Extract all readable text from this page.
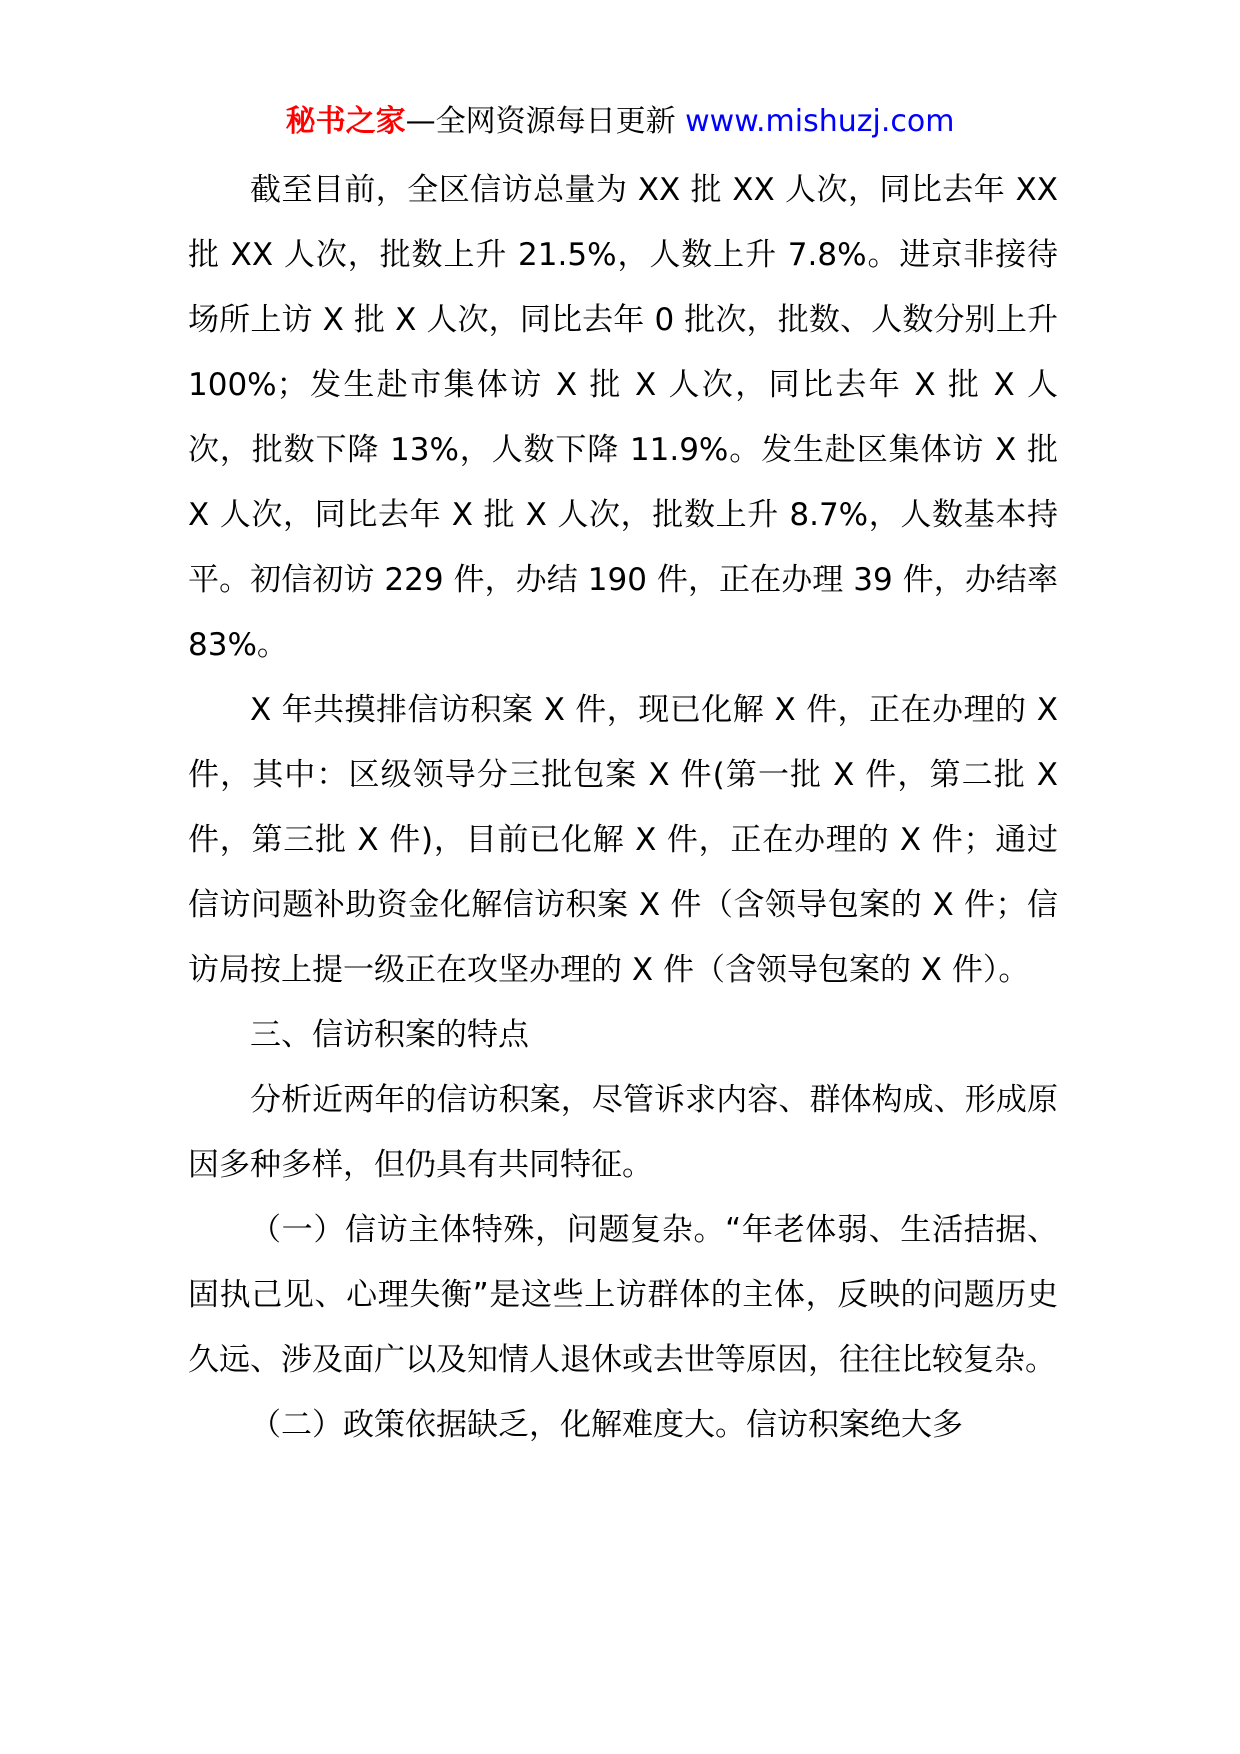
秘书之家—全网资源每日更新 www.mishuzj.com

截至目前，全区信访总量为 XX 批 XX 人次，同比去年 XX 批 XX 人次，批数上升 21.5%，人数上升 7.8%。进京非接待场所上访 X 批 X 人次，同比去年 0 批次，批数、人数分别上升 100%；发生赴市集体访 X 批 X 人次，同比去年 X 批 X 人次，批数下降 13%，人数下降 11.9%。发生赴区集体访 X 批 X 人次，同比去年 X 批 X 人次，批数上升 8.7%，人数基本持平。初信初访 229 件，办结 190 件，正在办理 39 件，办结率 83%。

X 年共摸排信访积案 X 件，现已化解 X 件，正在办理的 X 件，其中：区级领导分三批包案 X 件(第一批 X 件，第二批 X 件，第三批 X 件)，目前已化解 X 件，正在办理的 X 件；通过信访问题补助资金化解信访积案 X 件（含领导包案的 X 件；信访局按上提一级正在攻坚办理的 X 件（含领导包案的 X 件）。

三、信访积案的特点

分析近两年的信访积案，尽管诉求内容、群体构成、形成原因多种多样，但仍具有共同特征。

（一）信访主体特殊，问题复杂。“年老体弱、生活拮据、固执己见、心理失衡”是这些上访群体的主体，反映的问题历史久远、涉及面广以及知情人退休或去世等原因，往往比较复杂。

（二）政策依据缺乏，化解难度大。信访积案绝大多
